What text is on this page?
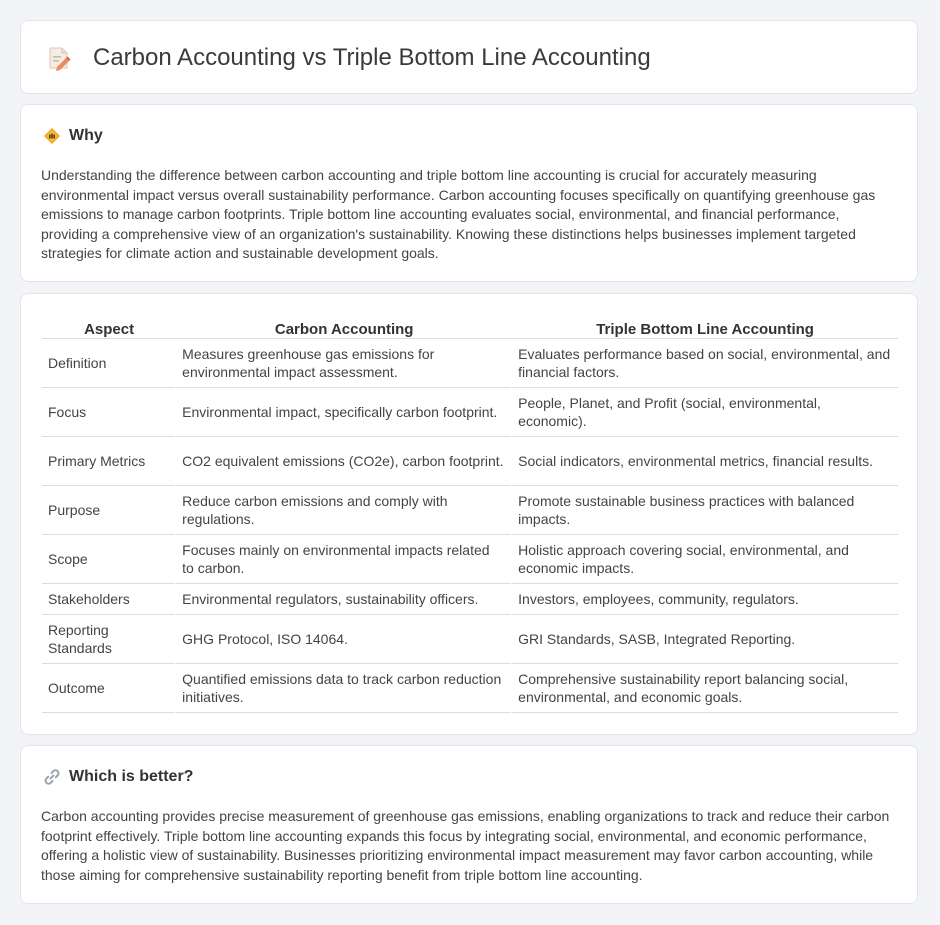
Carbon Accounting vs Triple Bottom Line Accounting
Why

Understanding the difference between carbon accounting and triple bottom line accounting is crucial for accurately measuring environmental impact versus overall sustainability performance. Carbon accounting focuses specifically on quantifying greenhouse gas emissions to manage carbon footprints. Triple bottom line accounting evaluates social, environmental, and financial performance, providing a comprehensive view of an organization's sustainability. Knowing these distinctions helps businesses implement targeted strategies for climate action and sustainable development goals.

Aspect	Carbon Accounting	Triple Bottom Line Accounting
Definition	Measures greenhouse gas emissions for environmental impact assessment.	Evaluates performance based on social, environmental, and financial factors.
Focus	Environmental impact, specifically carbon footprint.	People, Planet, and Profit (social, environmental, economic).
Primary Metrics	CO2 equivalent emissions (CO2e), carbon footprint.	Social indicators, environmental metrics, financial results.
Purpose	Reduce carbon emissions and comply with regulations.	Promote sustainable business practices with balanced impacts.
Scope	Focuses mainly on environmental impacts related to carbon.	Holistic approach covering social, environmental, and economic impacts.
Stakeholders	Environmental regulators, sustainability officers.	Investors, employees, community, regulators.
Reporting Standards	GHG Protocol, ISO 14064.	GRI Standards, SASB, Integrated Reporting.
Outcome	Quantified emissions data to track carbon reduction initiatives.	Comprehensive sustainability report balancing social, environmental, and economic goals.
Which is better?

Carbon accounting provides precise measurement of greenhouse gas emissions, enabling organizations to track and reduce their carbon footprint effectively. Triple bottom line accounting expands this focus by integrating social, environmental, and economic performance, offering a holistic view of sustainability. Businesses prioritizing environmental impact measurement may favor carbon accounting, while those aiming for comprehensive sustainability reporting benefit from triple bottom line accounting.
